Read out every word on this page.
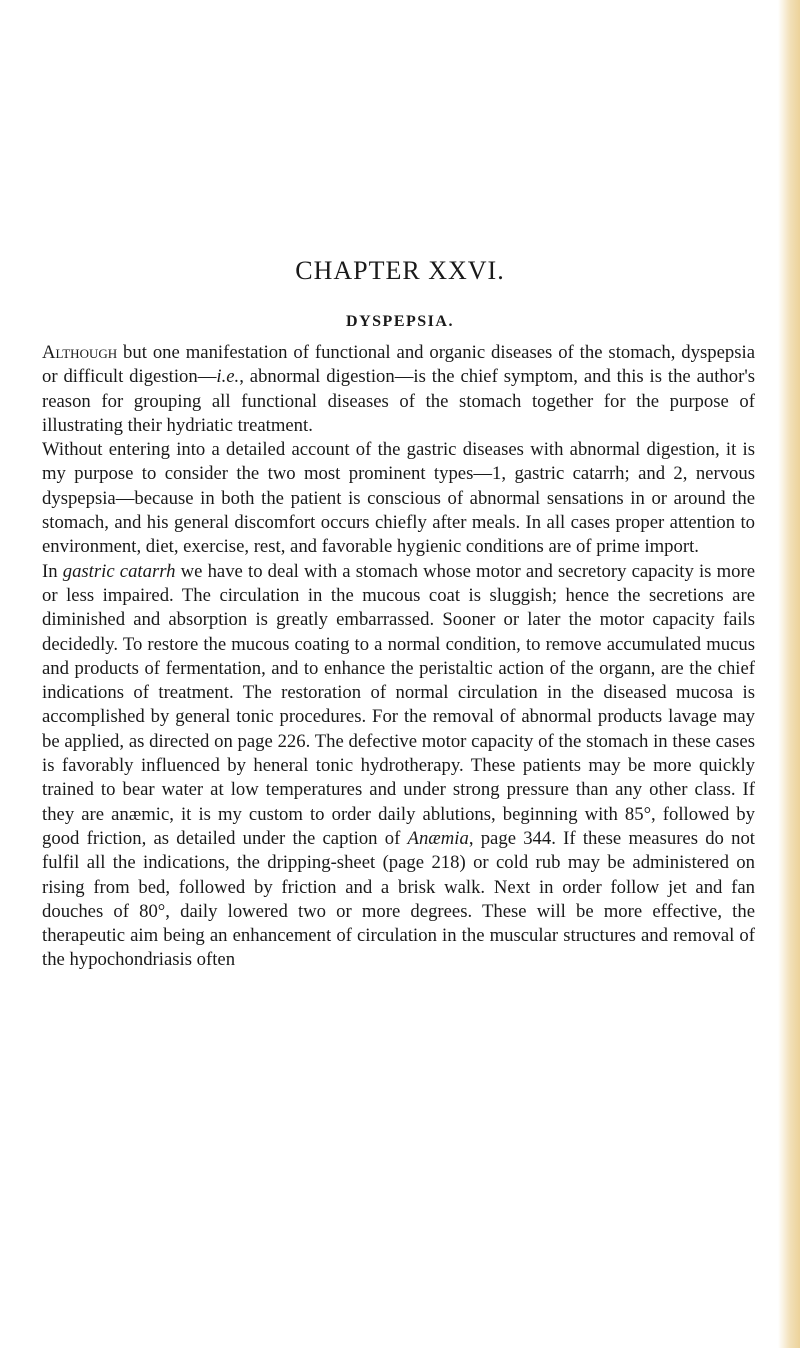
CHAPTER XXVI.
DYSPEPSIA.

Although but one manifestation of functional and organic diseases of the stomach, dyspepsia or difficult digestion—i.e., abnormal digestion—is the chief symptom, and this is the author's reason for grouping all functional diseases of the stomach together for the purpose of illustrating their hydriatic treatment.

Without entering into a detailed account of the gastric diseases with abnormal digestion, it is my purpose to consider the two most prominent types—1, gastric catarrh; and 2, nervous dyspepsia—because in both the patient is conscious of abnormal sensations in or around the stomach, and his general discomfort occurs chiefly after meals. In all cases proper attention to environment, diet, exercise, rest, and favorable hygienic conditions are of prime import.

In gastric catarrh we have to deal with a stomach whose motor and secretory capacity is more or less impaired. The circulation in the mucous coat is sluggish; hence the secretions are diminished and absorption is greatly embarrassed. Sooner or later the motor capacity fails decidedly. To restore the mucous coating to a normal condition, to remove accumulated mucus and products of fermentation, and to enhance the peristaltic action of the organn, are the chief indications of treatment. The restoration of normal circulation in the diseased mucosa is accomplished by general tonic procedures. For the removal of abnormal products lavage may be applied, as directed on page 226. The defective motor capacity of the stomach in these cases is favorably influenced by heneral tonic hydrotherapy. These patients may be more quickly trained to bear water at low temperatures and under strong pressure than any other class. If they are anæmic, it is my custom to order daily ablutions, beginning with 85°, followed by good friction, as detailed under the caption of Anæmia, page 344. If these measures do not fulfil all the indications, the dripping-sheet (page 218) or cold rub may be administered on rising from bed, followed by friction and a brisk walk. Next in order follow jet and fan douches of 80°, daily lowered two or more degrees. These will be more effective, the therapeutic aim being an enhancement of circulation in the muscular structures and removal of the hypochondriasis often
